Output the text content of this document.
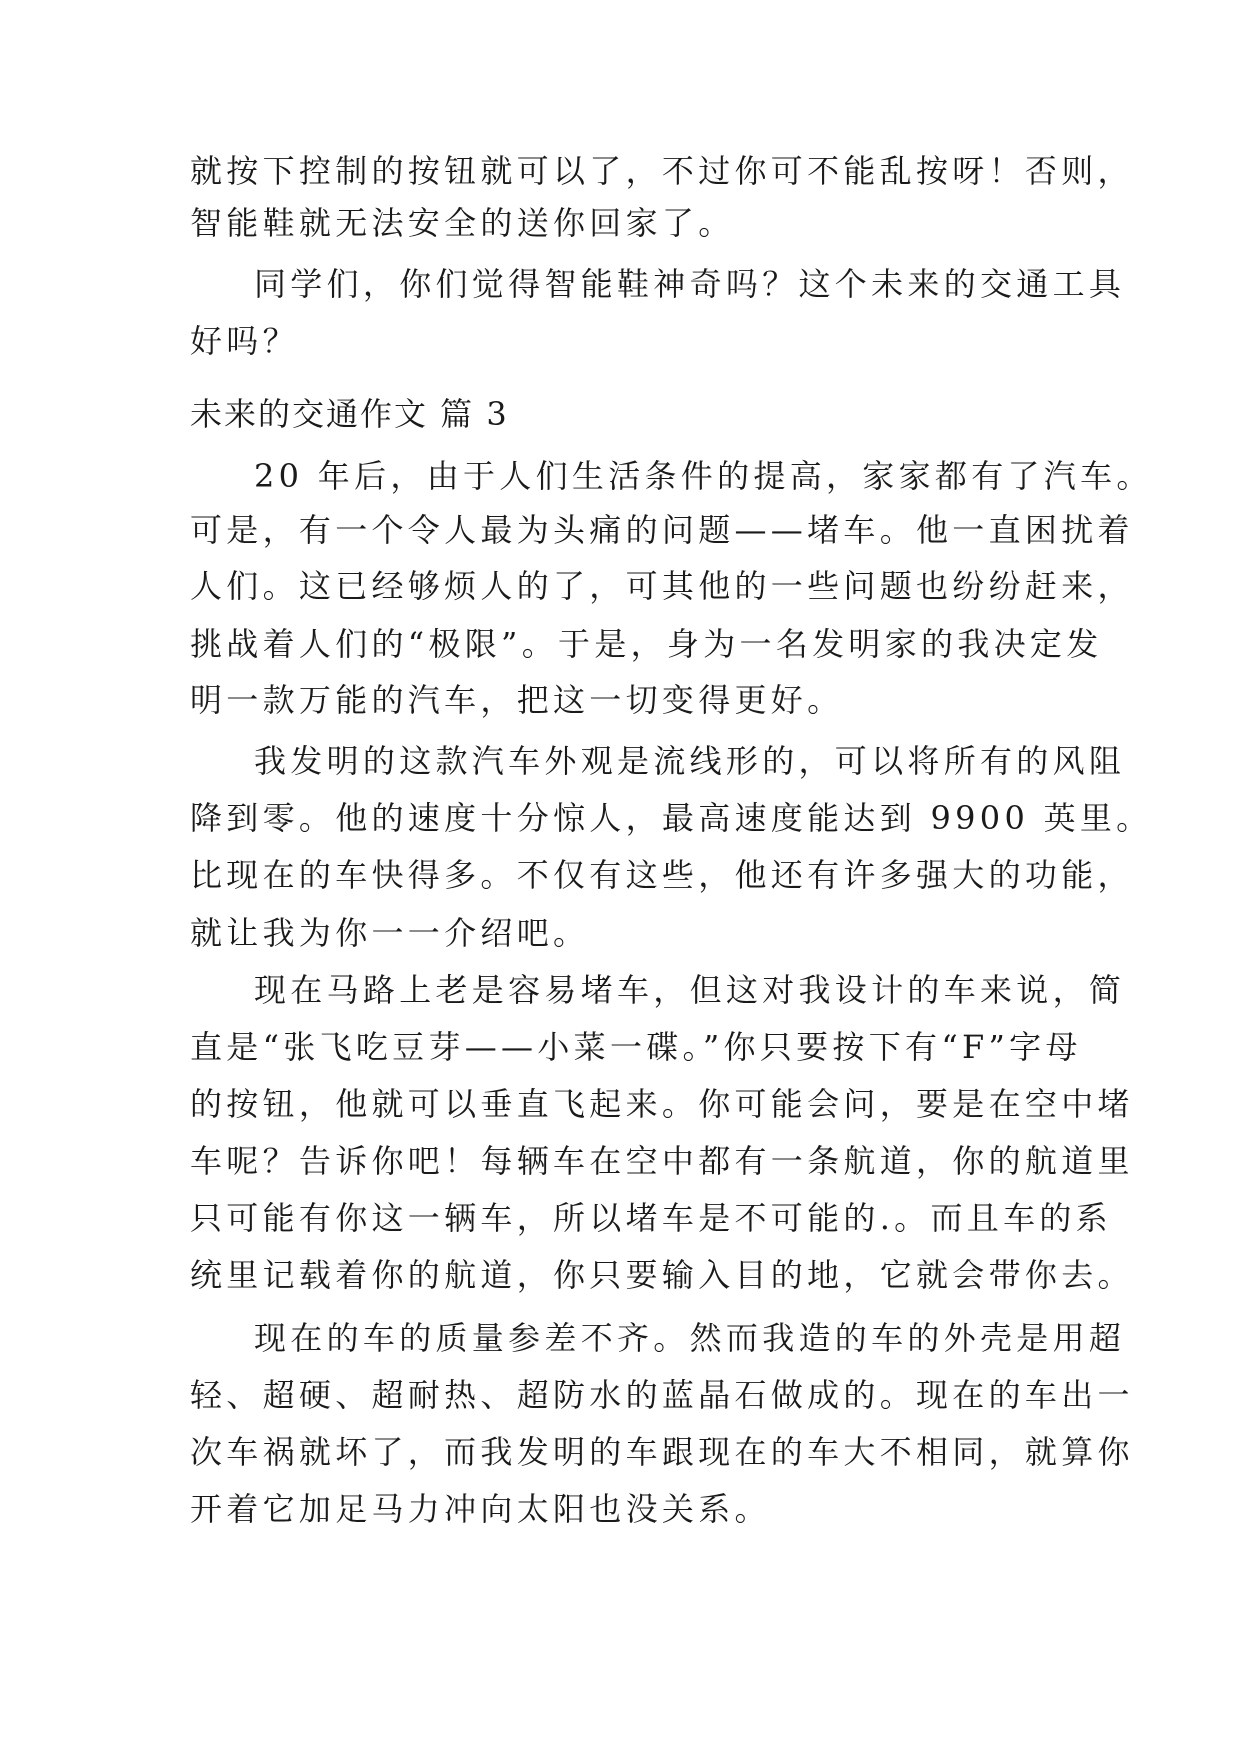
就按下控制的按钮就可以了，不过你可不能乱按呀！否则，
智能鞋就无法安全的送你回家了。
同学们，你们觉得智能鞋神奇吗？这个未来的交通工具
好吗？
未来的交通作文 篇 3
20 年后，由于人们生活条件的提高，家家都有了汽车。
可是，有一个令人最为头痛的问题——堵车。他一直困扰着
人们。这已经够烦人的了，可其他的一些问题也纷纷赶来，
挑战着人们的“极限”。于是，身为一名发明家的我决定发
明一款万能的汽车，把这一切变得更好。
我发明的这款汽车外观是流线形的，可以将所有的风阻
降到零。他的速度十分惊人，最高速度能达到 9900 英里。
比现在的车快得多。不仅有这些，他还有许多强大的功能，
就让我为你一一介绍吧。
现在马路上老是容易堵车，但这对我设计的车来说，简
直是“张飞吃豆芽——小菜一碟。”你只要按下有“F”字母
的按钮，他就可以垂直飞起来。你可能会问，要是在空中堵
车呢？告诉你吧！每辆车在空中都有一条航道，你的航道里
只可能有你这一辆车，所以堵车是不可能的.。而且车的系
统里记载着你的航道，你只要输入目的地，它就会带你去。
现在的车的质量参差不齐。然而我造的车的外壳是用超
轻、超硬、超耐热、超防水的蓝晶石做成的。现在的车出一
次车祸就坏了，而我发明的车跟现在的车大不相同，就算你
开着它加足马力冲向太阳也没关系。
